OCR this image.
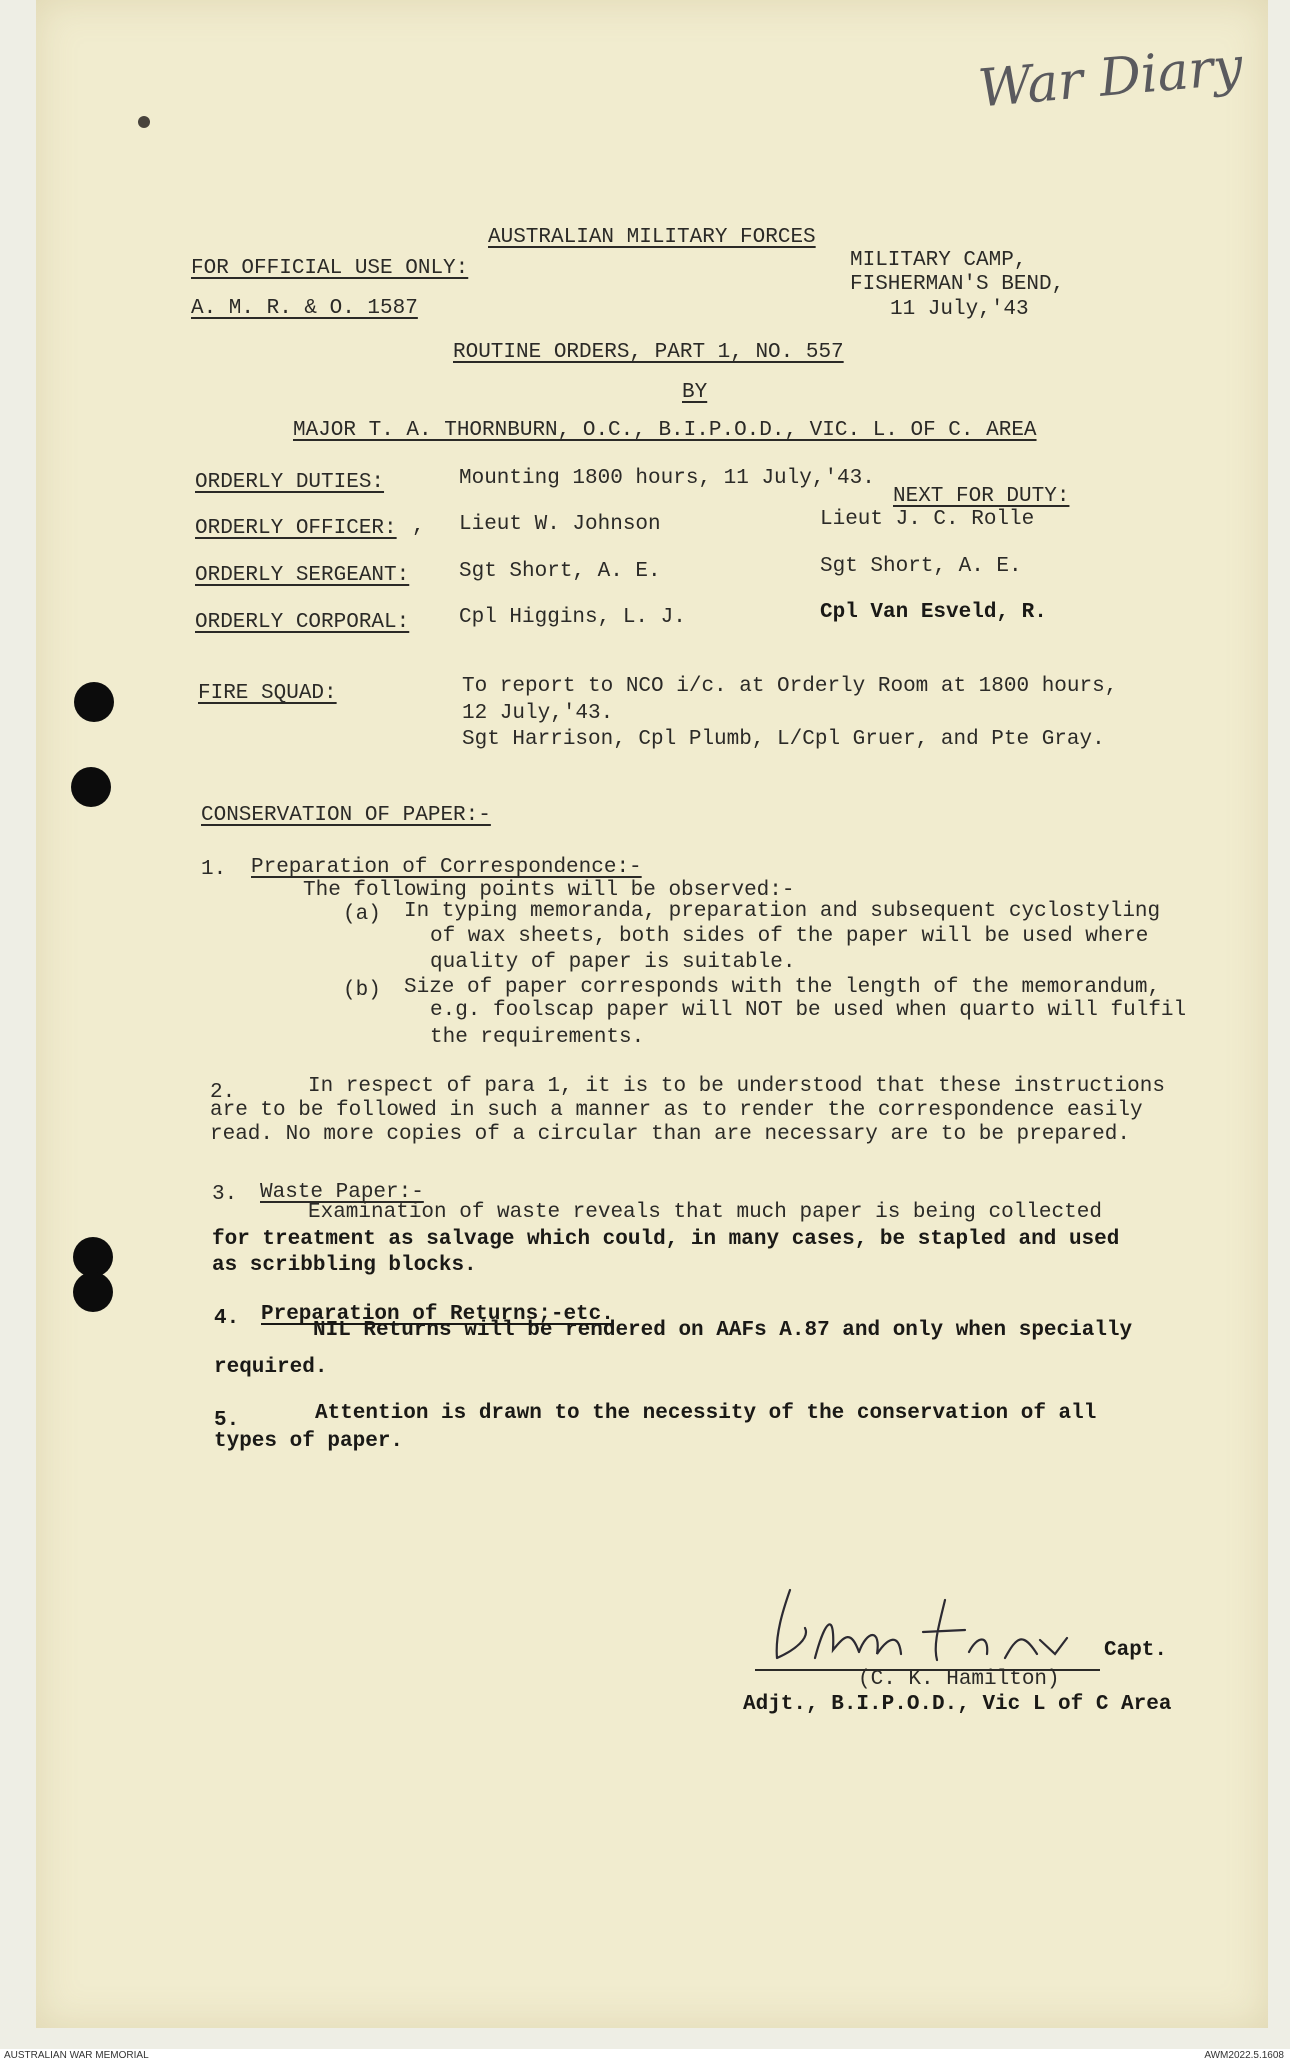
War Diary
AUSTRALIAN MILITARY FORCES
FOR OFFICIAL USE ONLY:	MILITARY CAMP,
FISHERMAN'S BEND,
A. M. R. & O. 1587	11 July,'43
ROUTINE ORDERS, PART 1, NO. 557
BY
MAJOR T. A. THORNBURN, O.C., B.I.P.O.D., VIC. L. OF C. AREA
ORDERLY DUTIES:	Mounting 1800 hours, 11 July,'43.
NEXT FOR DUTY:
ORDERLY OFFICER: , Lieut W. Johnson	Lieut J. C. Rolle
ORDERLY SERGEANT: Sgt Short, A. E.	Sgt Short, A. E.
ORDERLY CORPORAL: Cpl Higgins, L. J.	Cpl Van Esveld, R.
FIRE SQUAD:	To report to NCO i/c. at Orderly Room at 1800 hours,
12 July,'43.
Sgt Harrison, Cpl Plumb, L/Cpl Gruer, and Pte Gray.
CONSERVATION OF PAPER:-
1. Preparation of Correspondence:-
The following points will be observed:-
(a) In typing memoranda, preparation and subsequent cyclostyling
of wax sheets, both sides of the paper will be used where
quality of paper is suitable.
(b) Size of paper corresponds with the length of the memorandum,
e.g. foolscap paper will NOT be used when quarto will fulfil
the requirements.
2.	In respect of para 1, it is to be understood that these instructions
are to be followed in such a manner as to render the correspondence easily
read. No more copies of a circular than are necessary are to be prepared.
3. Waste Paper:-
Examination of waste reveals that much paper is being collected
for treatment as salvage which could, in many cases, be stapled and used
as scribbling blocks.
4. Preparation of Returns;-etc.
NIL Returns will be rendered on AAFs A.87 and only when specially
required.
5.	Attention is drawn to the necessity of the conservation of all
types of paper.
Capt.
(C. K. Hamilton)
Adjt., B.I.P.O.D., Vic L of C Area
AUSTRALIAN WAR MEMORIAL	AWM2022.5.1608
